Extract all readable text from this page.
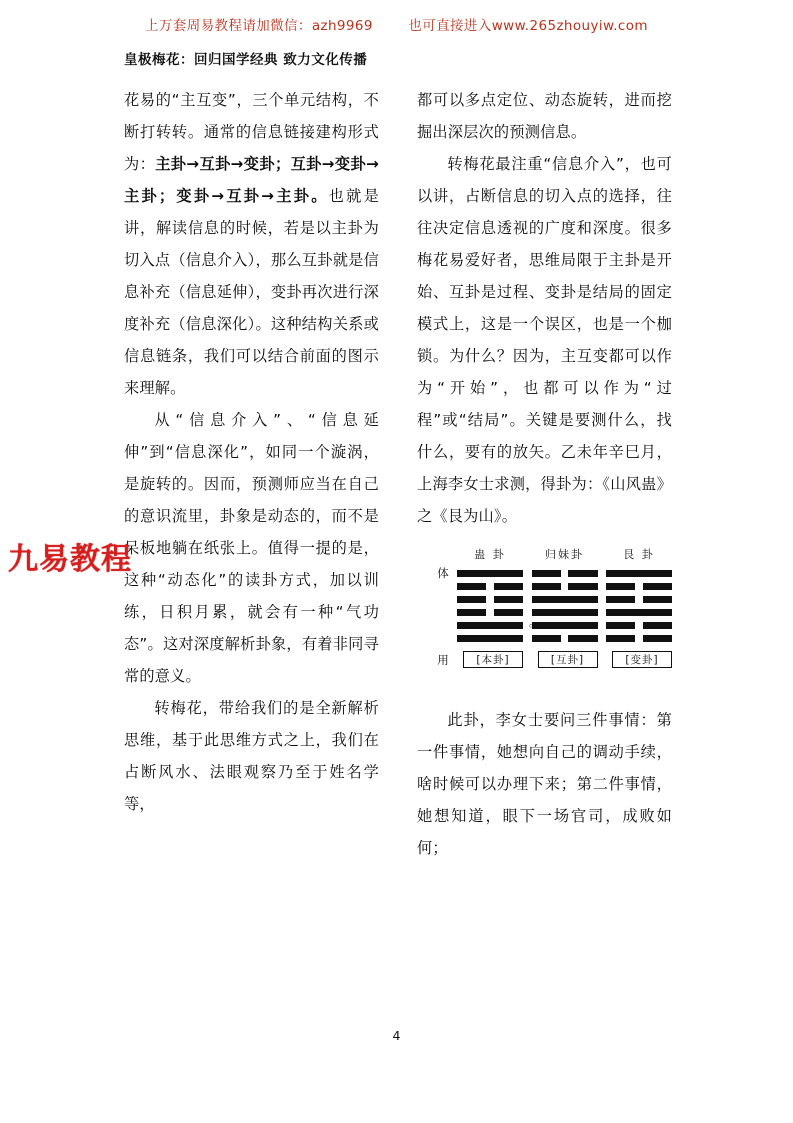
上万套周易教程请加微信：azh9969	也可直接进入www.265zhouyiw.com
皇极梅花：回归国学经典 致力文化传播

花易的“主互变”，三个单元结构，不断打转转。通常的信息链接建构形式为：主卦→互卦→变卦；互卦→变卦→主卦；变卦→互卦→主卦。也就是讲，解读信息的时候，若是以主卦为切入点（信息介入），那么互卦就是信息补充（信息延伸），变卦再次进行深度补充（信息深化）。这种结构关系或信息链条，我们可以结合前面的图示来理解。

从“信息介入”、“信息延伸”到“信息深化”，如同一个漩涡，是旋转的。因而，预测师应当在自己的意识流里，卦象是动态的，而不是呆板地躺在纸张上。值得一提的是，这种“动态化”的读卦方式，加以训练，日积月累，就会有一种“气功态”。这对深度解析卦象，有着非同寻常的意义。

转梅花，带给我们的是全新解析思维，基于此思维方式之上，我们在占断风水、法眼观察乃至于姓名学等，

都可以多点定位、动态旋转，进而挖掘出深层次的预测信息。

转梅花最注重“信息介入”，也可以讲，占断信息的切入点的选择，往往决定信息透视的广度和深度。很多梅花易爱好者，思维局限于主卦是开始、互卦是过程、变卦是结局的固定模式上，这是一个误区，也是一个枷锁。为什么？因为，主互变都可以作为“开始”，也都可以作为“过程”或“结局”。关键是要测什么，找什么，要有的放矢。乙未年辛巳月，上海李女士求测，得卦为：《山风蛊》之《艮为山》。

蛊 卦	归妹卦	艮 卦
体
用
。
[本卦]	[互卦]	[变卦]

此卦，李女士要问三件事情：第一件事情，她想向自己的调动手续，啥时候可以办理下来；第二件事情，她想知道，眼下一场官司，成败如何；

九易教程
4
